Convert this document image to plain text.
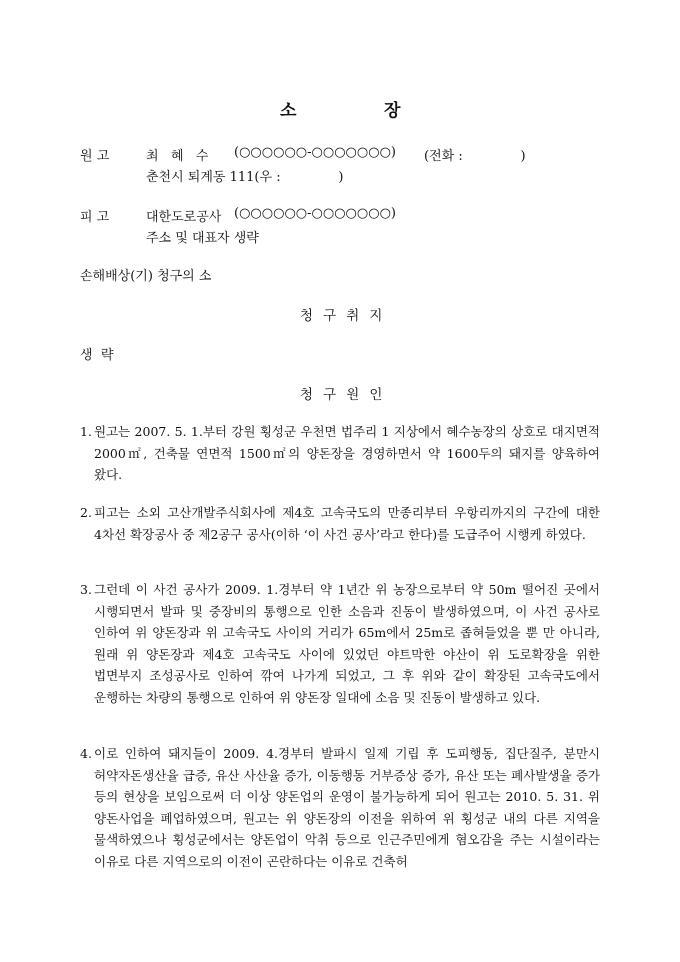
소	장
원 고	최   혜   수 (○○○○○○-○○○○○○○) (전화 :              )
춘천시 퇴계동 111(우 :              )
피 고	대한도로공사 (○○○○○○-○○○○○○○)
주소 및 대표자 생략
손해배상(기) 청구의 소
청  구  취  지
생  략
청  구  원  인
1. 원고는 2007. 5. 1.부터 강원 횡성군 우천면 법주리 1 지상에서 혜수농장의 상호로 대지면적 2000㎡, 건축물 연면적 1500㎡의 양돈장을 경영하면서 약 1600두의 돼지를 양육하여 왔다.
2. 피고는 소외 고산개발주식회사에 제4호 고속국도의 만종리부터 우항리까지의 구간에 대한 4차선 확장공사 중 제2공구 공사(이하 ‘이 사건 공사’라고 한다)를 도급주어 시행케 하였다.
3. 그런데 이 사건 공사가 2009. 1.경부터 약 1년간 위 농장으로부터 약 50m 떨어진 곳에서 시행되면서 발파 및 중장비의 통행으로 인한 소음과 진동이 발생하였으며, 이 사건 공사로 인하여 위 양돈장과 위 고속국도 사이의 거리가 65m에서 25m로 좁혀들었을 뿐 만 아니라, 원래 위 양돈장과 제4호 고속국도 사이에 있었던 야트막한 야산이 위 도로확장을 위한 법면부지 조성공사로 인하여 깎여 나가게 되었고, 그 후 위와 같이 확장된 고속국도에서 운행하는 차량의 통행으로 인하여 위 양돈장 일대에 소음 및 진동이 발생하고 있다.
4. 이로 인하여 돼지들이 2009. 4.경부터 발파시 일제 기립 후 도피행동, 집단질주, 분만시 허약자돈생산율 급증, 유산 사산율 증가, 이동행동 거부증상 증가, 유산 또는 폐사발생율 증가 등의 현상을 보임으로써 더 이상 양돈업의 운영이 불가능하게 되어 원고는 2010. 5. 31. 위 양돈사업을 폐업하였으며, 원고는 위 양돈장의 이전을 위하여 위 횡성군 내의 다른 지역을 물색하였으나 횡성군에서는 양돈업이 악취 등으로 인근주민에게 혐오감을 주는 시설이라는 이유로 다른 지역으로의 이전이 곤란하다는 이유로 건축허
